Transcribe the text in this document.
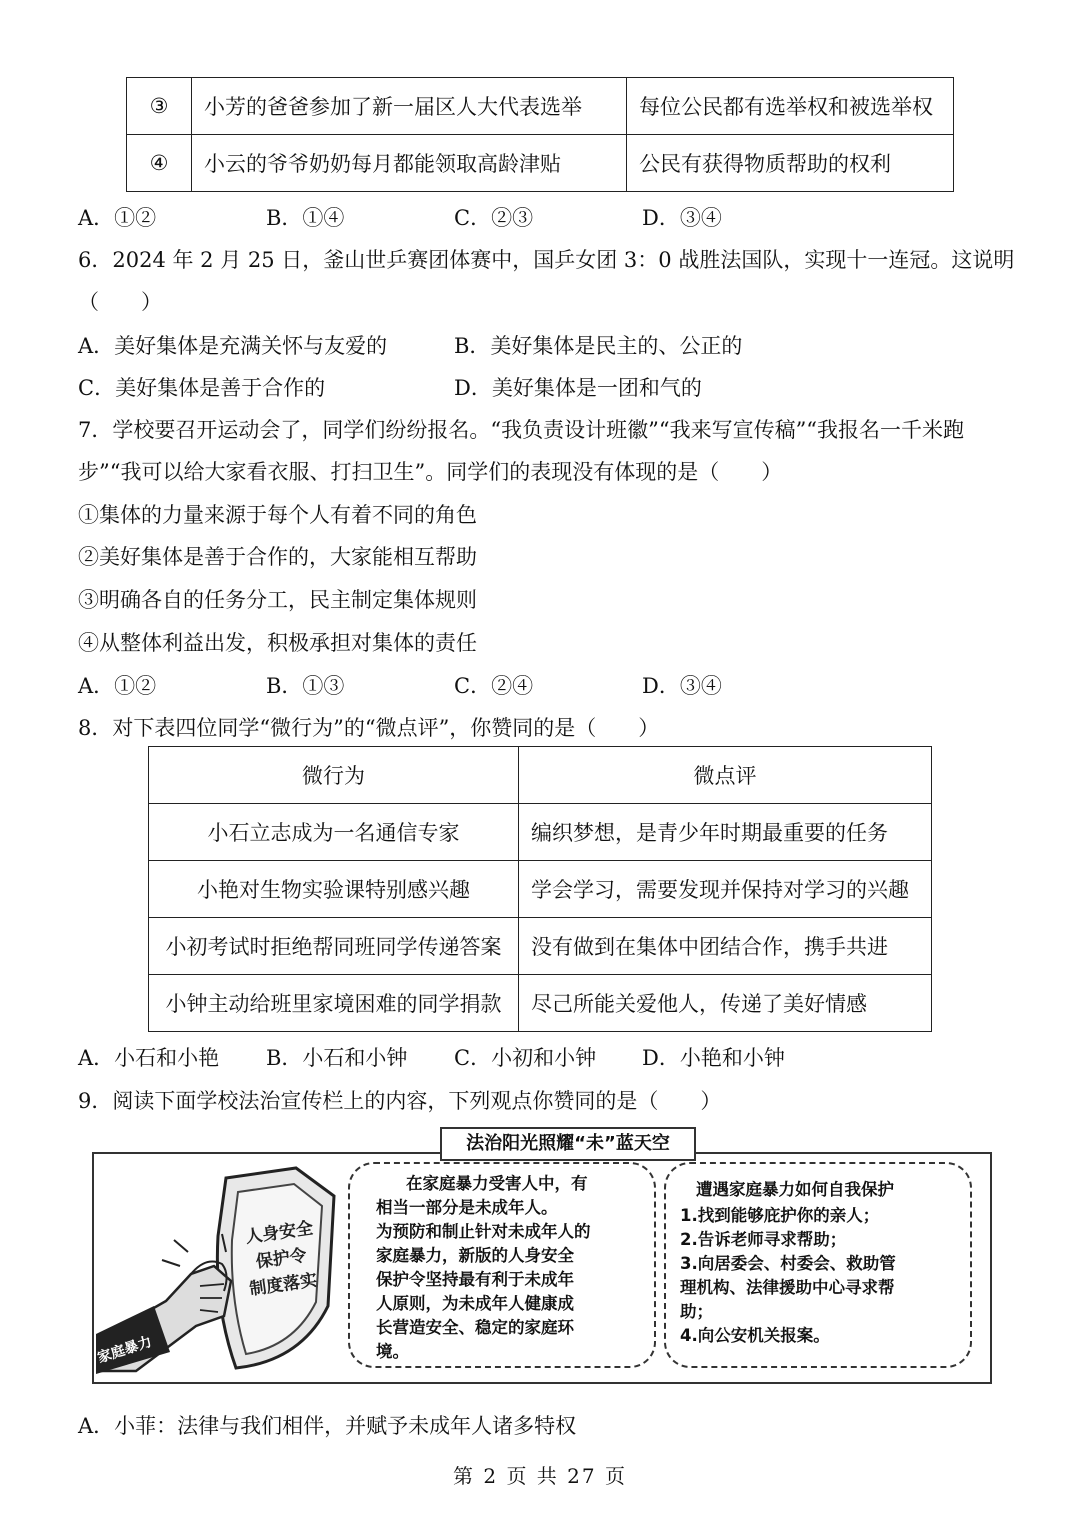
③	小芳的爸爸参加了新一届区人大代表选举	每位公民都有选举权和被选举权
④	小云的爷爷奶奶每月都能领取高龄津贴	公民有获得物质帮助的权利
A．①②	B．①④	C．②③	D．③④
6．2024 年 2 月 25 日，釜山世乒赛团体赛中，国乒女团 3：0 战胜法国队，实现十一连冠。这说明
（　　）
A．美好集体是充满关怀与友爱的	B．美好集体是民主的、公正的
C．美好集体是善于合作的	D．美好集体是一团和气的
7．学校要召开运动会了，同学们纷纷报名。“我负责设计班徽”“我来写宣传稿”“我报名一千米跑
步”“我可以给大家看衣服、打扫卫生”。同学们的表现没有体现的是（　　）
①集体的力量来源于每个人有着不同的角色
②美好集体是善于合作的，大家能相互帮助
③明确各自的任务分工，民主制定集体规则
④从整体利益出发，积极承担对集体的责任
A．①②	B．①③	C．②④	D．③④
8．对下表四位同学“微行为”的“微点评”，你赞同的是（　　）
微行为	微点评
小石立志成为一名通信专家	编织梦想，是青少年时期最重要的任务
小艳对生物实验课特别感兴趣	学会学习，需要发现并保持对学习的兴趣
小初考试时拒绝帮同班同学传递答案	没有做到在集体中团结合作，携手共进
小钟主动给班里家境困难的同学捐款	尽己所能关爱他人，传递了美好情感
A．小石和小艳 B．小石和小钟 C．小初和小钟 D．小艳和小钟
9．阅读下面学校法治宣传栏上的内容，下列观点你赞同的是（　　）
法治阳光照耀“未”蓝天空
人身安全
保护令
制度落实
家庭暴力
在家庭暴力受害人中，有
相当一部分是未成年人。
为预防和制止针对未成年人的
家庭暴力，新版的人身安全
保护令坚持最有利于未成年
人原则，为未成年人健康成
长营造安全、稳定的家庭环
境。
遭遇家庭暴力如何自我保护
1.找到能够庇护你的亲人；
2.告诉老师寻求帮助；
3.向居委会、村委会、救助管
理机构、法律援助中心寻求帮
助；
4.向公安机关报案。
A．小菲：法律与我们相伴，并赋予未成年人诸多特权
第 2 页 共 27 页
